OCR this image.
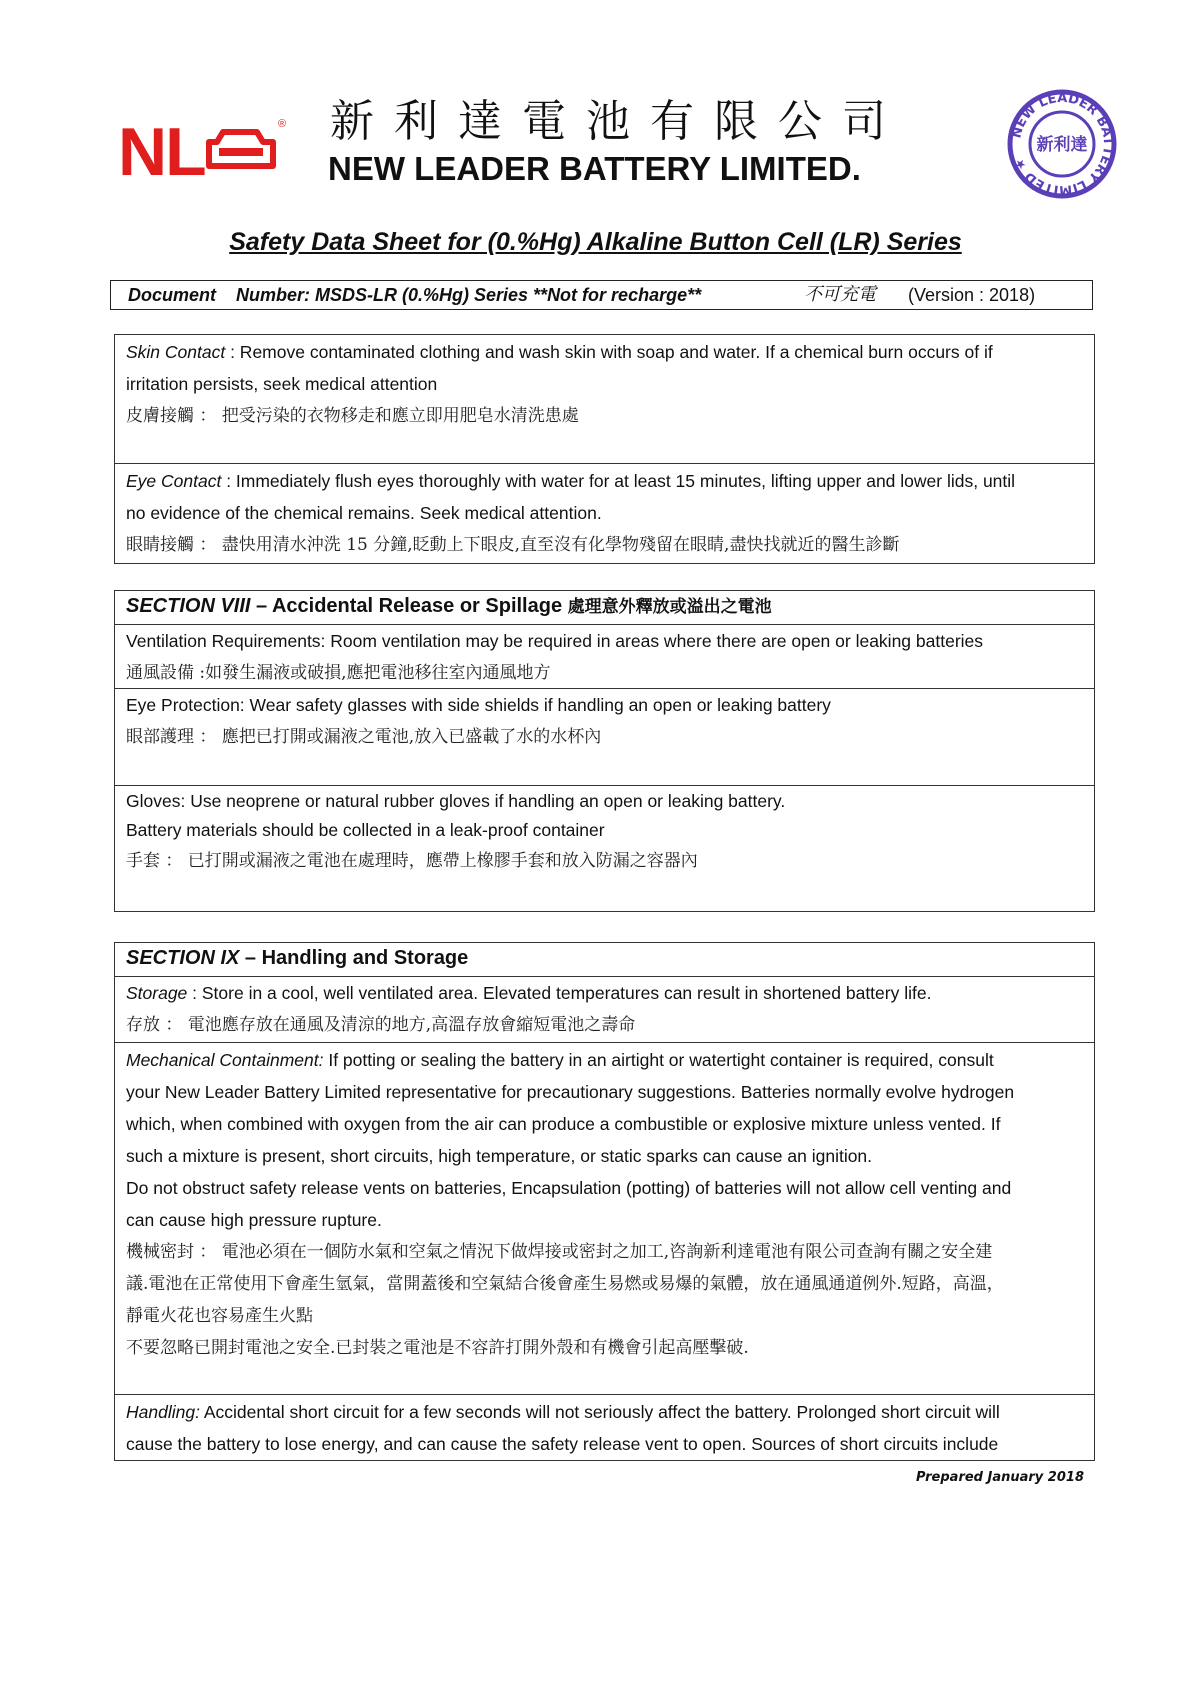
NL	® 新利達電池有限公司
NEW LEADER BATTERY LIMITED.
NEW LEADER BATTERY LIMITED ★
新利達
Safety Data Sheet for (0.%Hg) Alkaline Button Cell (LR) Series
Document    Number: MSDS-LR (0.%Hg) Series **Not for recharge**	不可充電 (Version : 2018)
Skin Contact : Remove contaminated clothing and wash skin with soap and water. If a chemical burn occurs of if
irritation persists, seek medical attention
皮膚接觸 ： 把受污染的衣物移走和應立即用肥皂水清洗患處
Eye Contact : Immediately flush eyes thoroughly with water for at least 15 minutes, lifting upper and lower lids, until
no evidence of the chemical remains. Seek medical attention.
眼睛接觸 ： 盡快用清水沖洗 15 分鐘,眨動上下眼皮,直至沒有化學物殘留在眼睛,盡快找就近的醫生診斷
SECTION VIII – Accidental Release or Spillage 處理意外釋放或溢出之電池
Ventilation Requirements: Room ventilation may be required in areas where there are open or leaking batteries
通風設備 :如發生漏液或破損,應把電池移往室內通風地方
Eye Protection: Wear safety glasses with side shields if handling an open or leaking battery
眼部護理 ： 應把已打開或漏液之電池,放入已盛載了水的水杯內
Gloves: Use neoprene or natural rubber gloves if handling an open or leaking battery.
Battery materials should be collected in a leak-proof container
手套 ： 已打開或漏液之電池在處理時，應帶上橡膠手套和放入防漏之容器內
SECTION IX – Handling and Storage
Storage : Store in a cool, well ventilated area. Elevated temperatures can result in shortened battery life.
存放 ： 電池應存放在通風及清涼的地方,高溫存放會縮短電池之壽命
Mechanical Containment: If potting or sealing the battery in an airtight or watertight container is required, consult
your New Leader Battery Limited representative for precautionary suggestions. Batteries normally evolve hydrogen
which, when combined with oxygen from the air can produce a combustible or explosive mixture unless vented. If
such a mixture is present, short circuits, high temperature, or static sparks can cause an ignition.
Do not obstruct safety release vents on batteries, Encapsulation (potting) of batteries will not allow cell venting and
can cause high pressure rupture.
機械密封 ： 電池必須在一個防水氣和空氣之情況下做焊接或密封之加工,咨詢新利達電池有限公司查詢有關之安全建
議.電池在正常使用下會產生氫氣，當開蓋後和空氣結合後會產生易燃或易爆的氣體，放在通風通道例外.短路，高溫，
靜電火花也容易產生火點
不要忽略已開封電池之安全.已封裝之電池是不容許打開外殼和有機會引起高壓擊破.
Handling: Accidental short circuit for a few seconds will not seriously affect the battery. Prolonged short circuit will
cause the battery to lose energy, and can cause the safety release vent to open. Sources of short circuits include
Prepared January 2018
